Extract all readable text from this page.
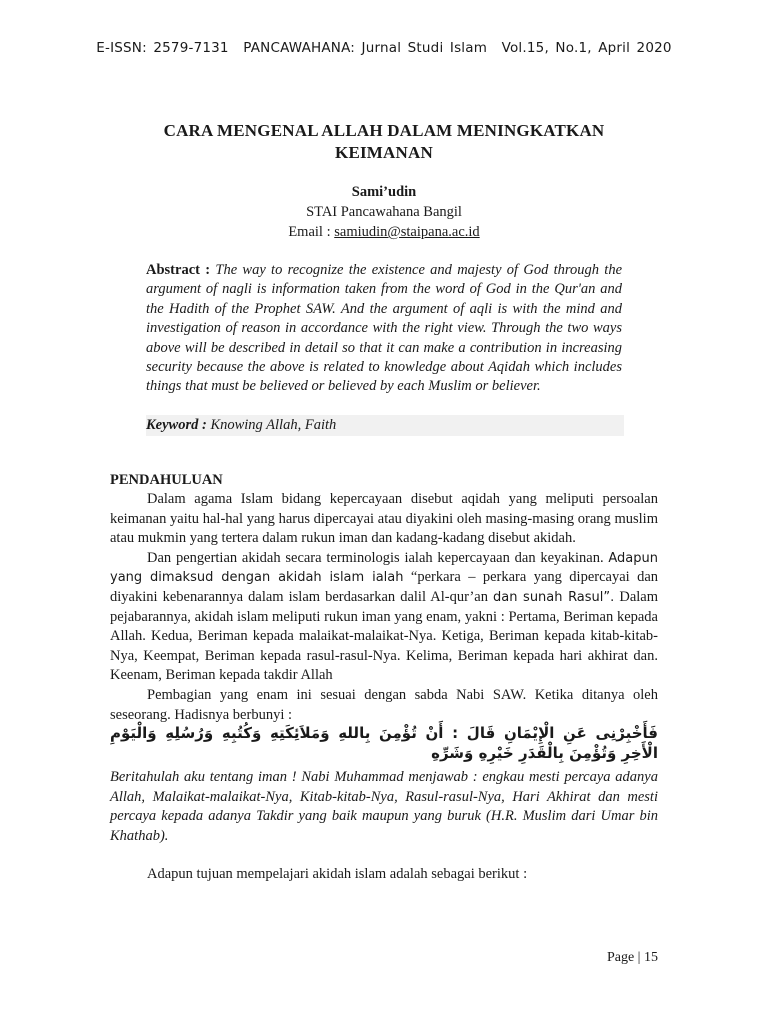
E-ISSN: 2579-7131 PANCAWAHANA: Jurnal Studi Islam Vol.15, No.1, April 2020
CARA MENGENAL ALLAH DALAM MENINGKATKAN
KEIMANAN
Sami’udin
STAI Pancawahana Bangil
Email : samiudin@staipana.ac.id
Abstract : The way to recognize the existence and majesty of God through the argument of nagli is information taken from the word of God in the Qur'an and the Hadith of the Prophet SAW. And the argument of aqli is with the mind and investigation of reason in accordance with the right view. Through the two ways above will be described in detail so that it can make a contribution in increasing security because the above is related to knowledge about Aqidah which includes things that must be believed or believed by each Muslim or believer.
Keyword : Knowing Allah, Faith
PENDAHULUAN

Dalam agama Islam bidang kepercayaan disebut aqidah yang meliputi persoalan keimanan yaitu hal-hal yang harus dipercayai atau diyakini oleh masing-masing orang muslim atau mukmin yang tertera dalam rukun iman dan kadang-kadang disebut akidah.

Dan pengertian akidah secara terminologis ialah kepercayaan dan keyakinan. Adapun yang dimaksud dengan akidah islam ialah “perkara – perkara yang dipercayai dan diyakini kebenarannya dalam islam berdasarkan dalil Al-qur’an dan sunah Rasul”. Dalam pejabarannya, akidah islam meliputi rukun iman yang enam, yakni : Pertama, Beriman kepada Allah. Kedua, Beriman kepada malaikat-malaikat-Nya. Ketiga, Beriman kepada kitab-kitab-Nya, Keempat, Beriman kepada rasul-rasul-Nya. Kelima, Beriman kepada hari akhirat dan. Keenam, Beriman kepada takdir Allah

Pembagian yang enam ini sesuai dengan sabda Nabi SAW. Ketika ditanya oleh seseorang. Hadisnya berbunyi :

فَأَخْبِرْنِى عَنِ الْإِيْمَانِ قَالَ : أَنْ تُؤْمِنَ بِاللهِ وَمَلاَئِكَتِهِ وَكُتُبِهِ وَرُسُلِهِ وَالْيَوْمِ الْأَخِرِ وَتُؤْمِنَ بِالْقَدَرِ خَيْرِهِ وَشَرِّهِ
Beritahulah aku tentang iman ! Nabi Muhammad menjawab : engkau mesti percaya adanya Allah, Malaikat-malaikat-Nya, Kitab-kitab-Nya, Rasul-rasul-Nya, Hari Akhirat dan mesti percaya kepada adanya Takdir yang baik maupun yang buruk (H.R. Muslim dari Umar bin Khathab).
Adapun tujuan mempelajari akidah islam adalah sebagai berikut :
Page | 15
